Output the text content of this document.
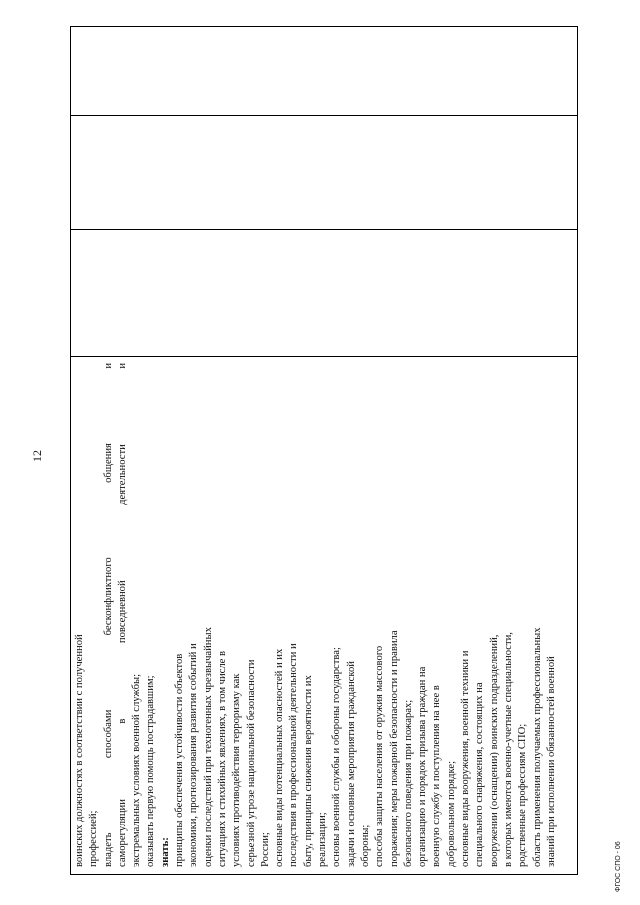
12
воинских должностях в соответствии с полученной профессией; владеть способами бесконфликтного общения и саморегуляции в повседневной деятельности и экстремальных условиях военной службы; оказывать первую помощь пострадавшим; знать: принципы обеспечения устойчивости объектов экономики, прогнозирования развития событий и оценки последствий при техногенных чрезвычайных ситуациях и стихийных явлениях, в том числе в условиях противодействия терроризму как серьезной угрозе национальной безопасности России; основные виды потенциальных опасностей и их последствия в профессиональной деятельности и быту, принципы снижения вероятности их реализации; основы военной службы и обороны государства; задачи и основные мероприятия гражданской обороны; способы защиты населения от оружия массового поражения; меры пожарной безопасности и правила безопасного поведения при пожарах; организацию и порядок призыва граждан на военную службу и поступления на нее в добровольном порядке; основные виды вооружения, военной техники и специального снаряжения, состоящих на вооружении (оснащении) воинских подразделений, в которых имеются военно-учетные специальности, родственные профессиям СПО; область применения получаемых профессиональных знаний при исполнении обязанностей военной
				ФГОС СПО - 06
